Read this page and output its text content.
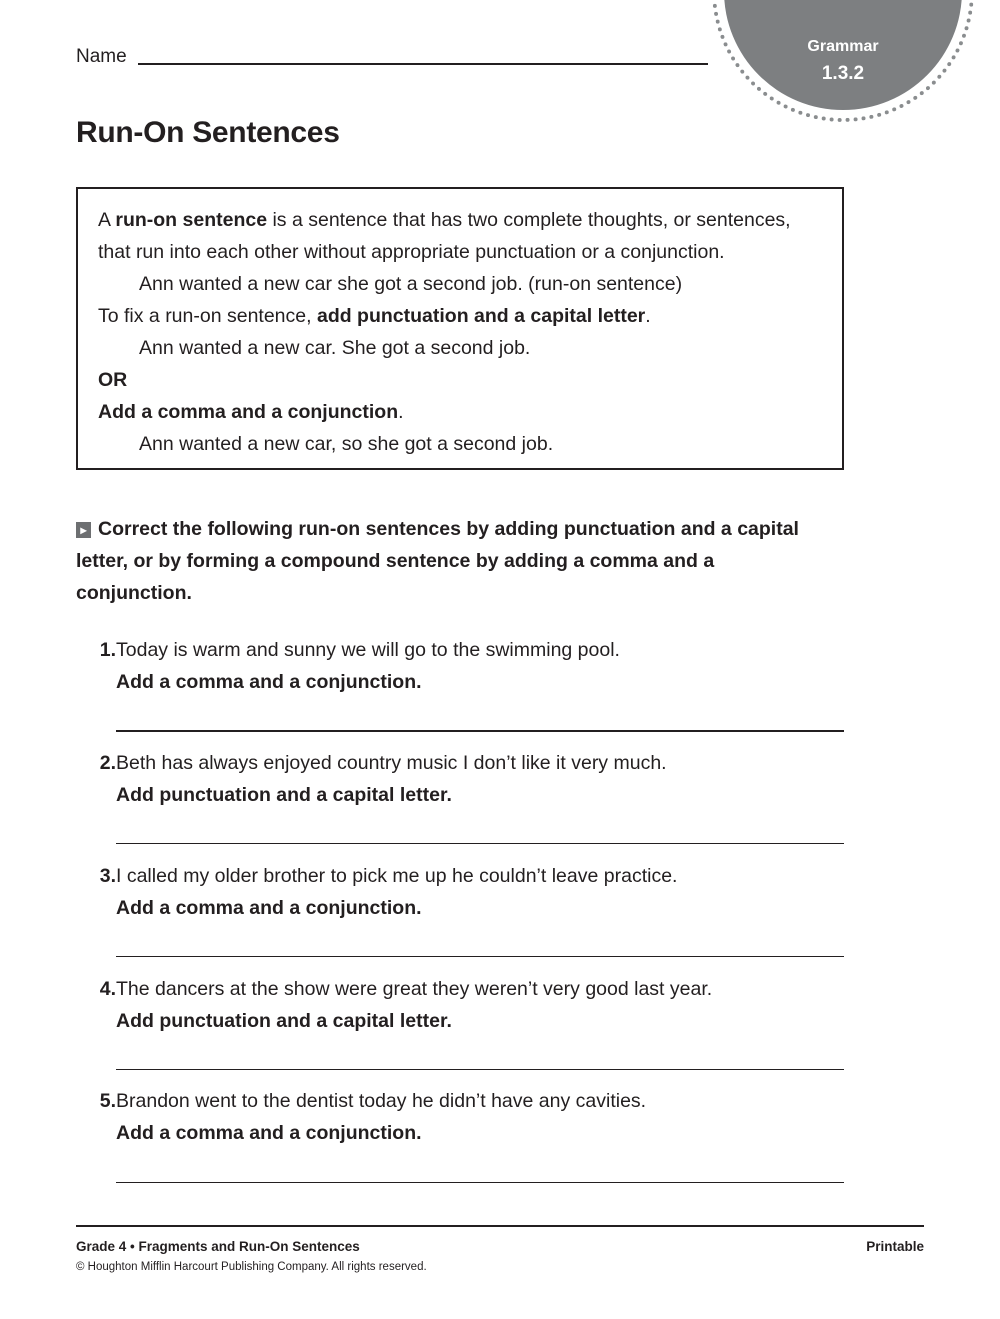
Name	Grammar
1.3.2
Run-On Sentences
A run-on sentence is a sentence that has two complete thoughts, or sentences,
that run into each other without appropriate punctuation or a conjunction.
Ann wanted a new car she got a second job. (run-on sentence)
To fix a run-on sentence, add punctuation and a capital letter.
Ann wanted a new car. She got a second job.
OR
Add a comma and a conjunction.
Ann wanted a new car, so she got a second job.
▸ Correct the following run-on sentences by adding punctuation and a capital
letter, or by forming a compound sentence by adding a comma and a
conjunction.
1. Today is warm and sunny we will go to the swimming pool.
Add a comma and a conjunction.
2. Beth has always enjoyed country music I don’t like it very much.
Add punctuation and a capital letter.
3. I called my older brother to pick me up he couldn’t leave practice.
Add a comma and a conjunction.
4. The dancers at the show were great they weren’t very good last year.
Add punctuation and a capital letter.
5. Brandon went to the dentist today he didn’t have any cavities.
Add a comma and a conjunction.
Grade 4 • Fragments and Run-On Sentences	Printable
© Houghton Mifflin Harcourt Publishing Company. All rights reserved.
